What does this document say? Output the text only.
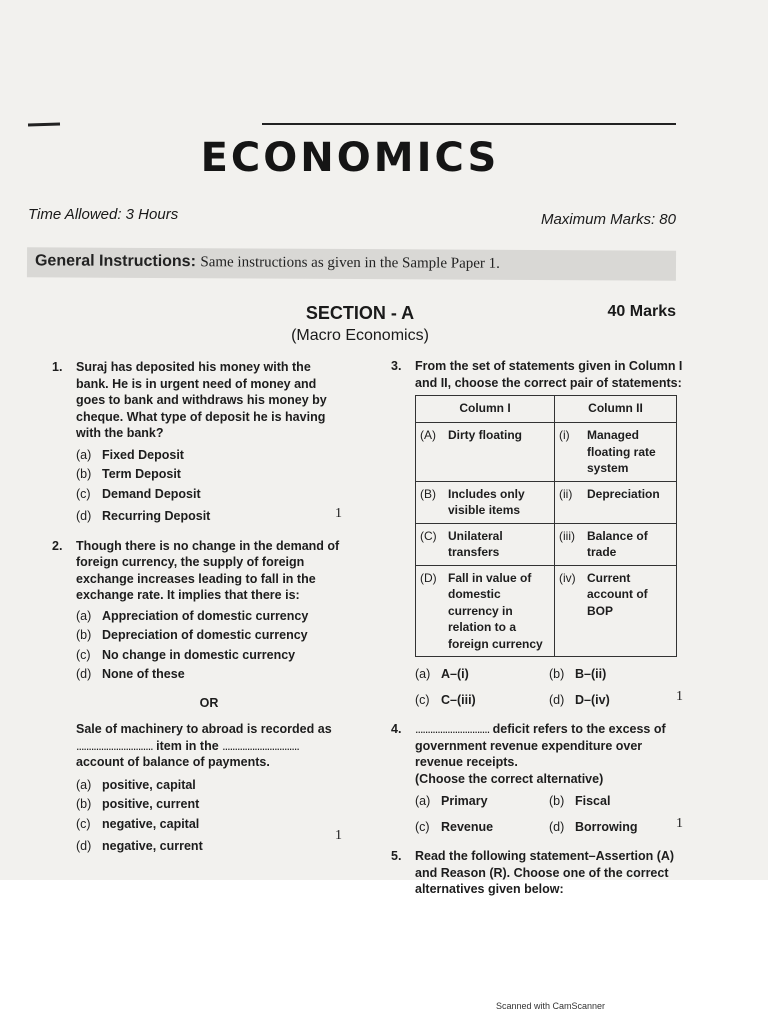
ECONOMICS
Time Allowed: 3 Hours	Maximum Marks: 80
General Instructions: Same instructions as given in the Sample Paper 1.
SECTION - A
(Macro Economics)
40 Marks
1. Suraj has deposited his money with the bank. He is in urgent need of money and goes to bank and withdraws his money by cheque. What type of deposit he is having with the bank?
(a) Fixed Deposit
(b) Term Deposit
(c) Demand Deposit
(d) Recurring Deposit	1
2. Though there is no change in the demand of foreign currency, the supply of foreign exchange increases leading to fall in the exchange rate. It implies that there is:
(a) Appreciation of domestic currency
(b) Depreciation of domestic currency
(c) No change in domestic currency
(d) None of these
OR
Sale of machinery to abroad is recorded as
............................... item in the ...............................
account of balance of payments.
(a) positive, capital
(b) positive, current
(c) negative, capital
(d) negative, current
1
3. From the set of statements given in Column I and II, choose the correct pair of statements:
Column I	Column II

(A) Dirty floating	(i) Managed floating rate system

(B) Includes only visible items	(ii) Depreciation

(C) Unilateral transfers	(iii) Balance of trade

(D) Fall in value of domestic currency in relation to a foreign currency	(iv) Current account of BOP
(a) A–(i)	(b) B–(ii)
(c) C–(iii)	(d) D–(iv)	1
4. .............................. deficit refers to the excess of government revenue expenditure over revenue receipts.
(Choose the correct alternative)
(a) Primary	(b) Fiscal
(c) Revenue	(d) Borrowing	1
5. Read the following statement–Assertion (A) and Reason (R). Choose one of the correct alternatives given below:
Scanned with CamScanner
